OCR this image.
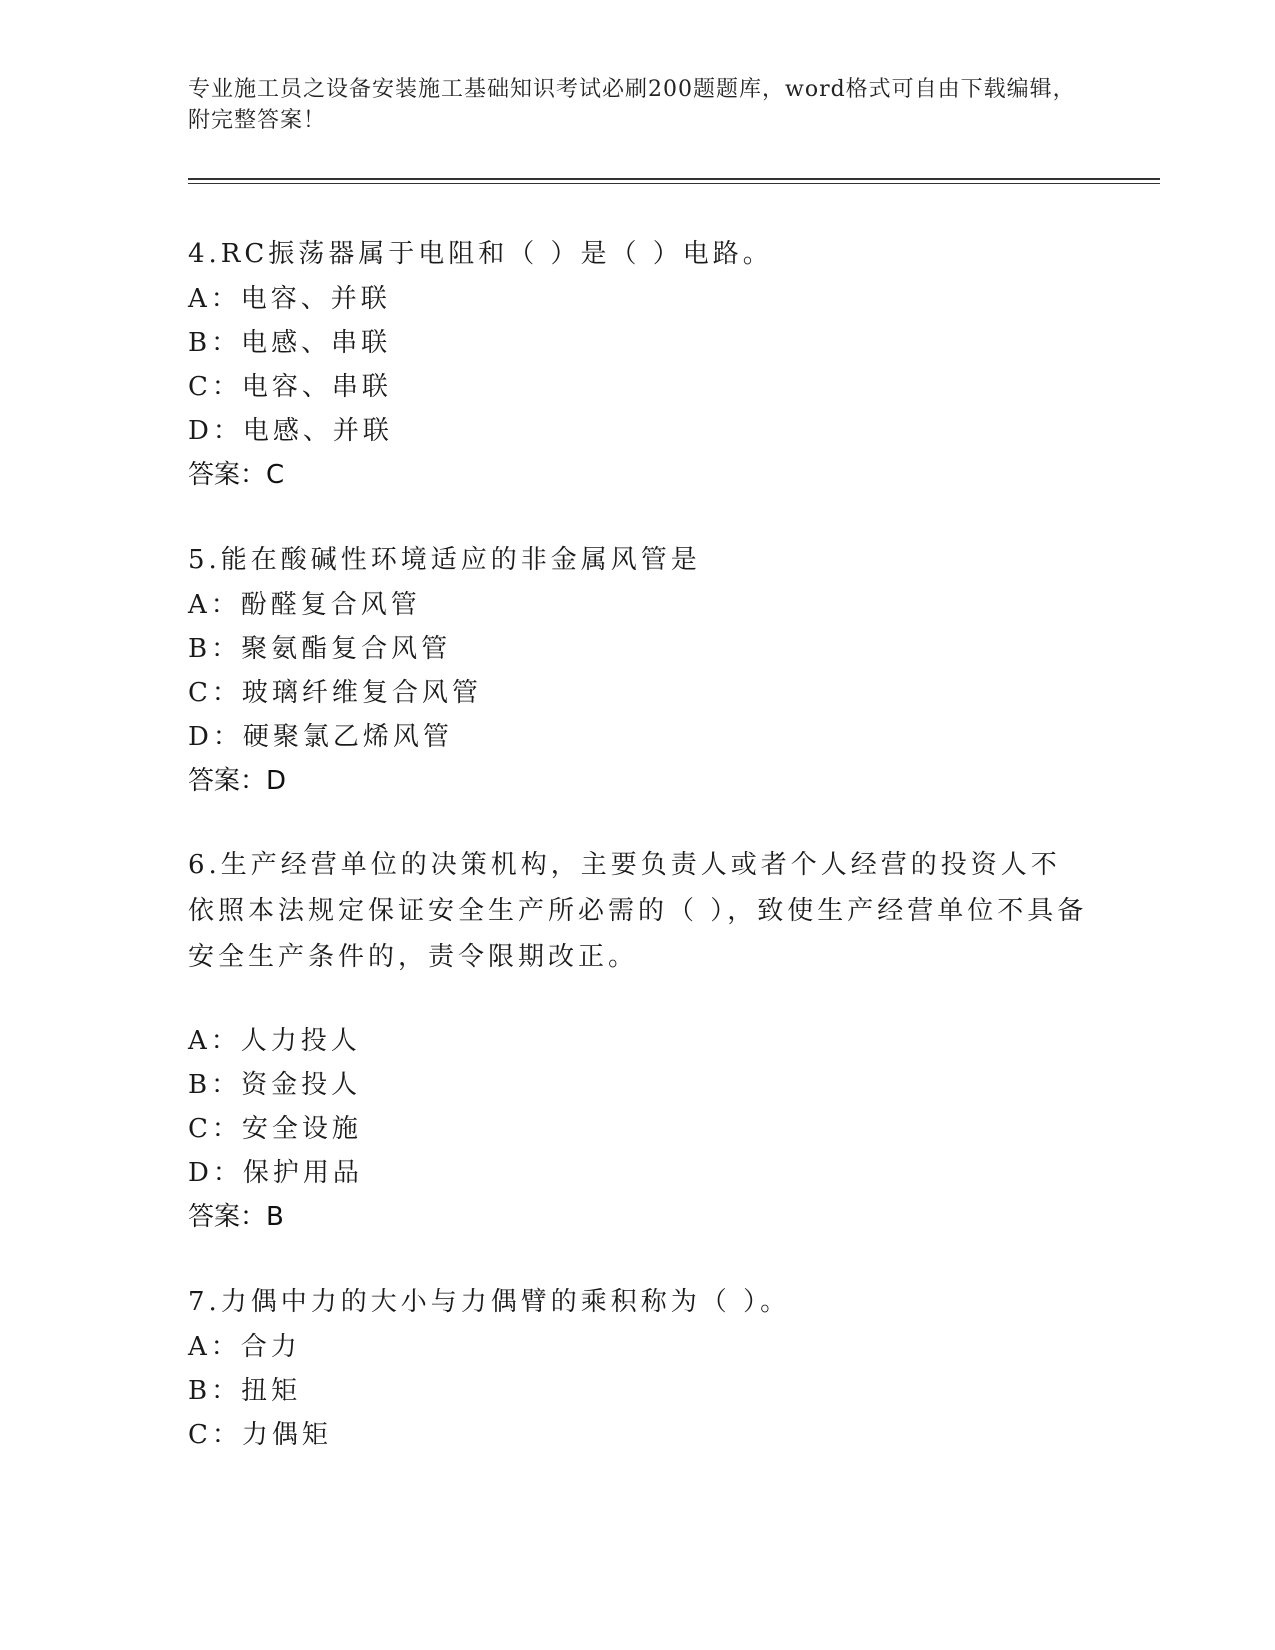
专业施工员之设备安装施工基础知识考试必刷200题题库，word格式可自由下载编辑，附完整答案！
4.RC振荡器属于电阻和（ ）是（ ）电路。
A：电容、并联
B：电感、串联
C：电容、串联
D：电感、并联
答案：C
5.能在酸碱性环境适应的非金属风管是
A：酚醛复合风管
B：聚氨酯复合风管
C：玻璃纤维复合风管
D：硬聚氯乙烯风管
答案：D
6.生产经营单位的决策机构，主要负责人或者个人经营的投资人不依照本法规定保证安全生产所必需的（ ），致使生产经营单位不具备安全生产条件的，责令限期改正。
A：人力投人
B：资金投人
C：安全设施
D：保护用品
答案：B
7.力偶中力的大小与力偶臂的乘积称为（ ）。
A：合力
B：扭矩
C：力偶矩
